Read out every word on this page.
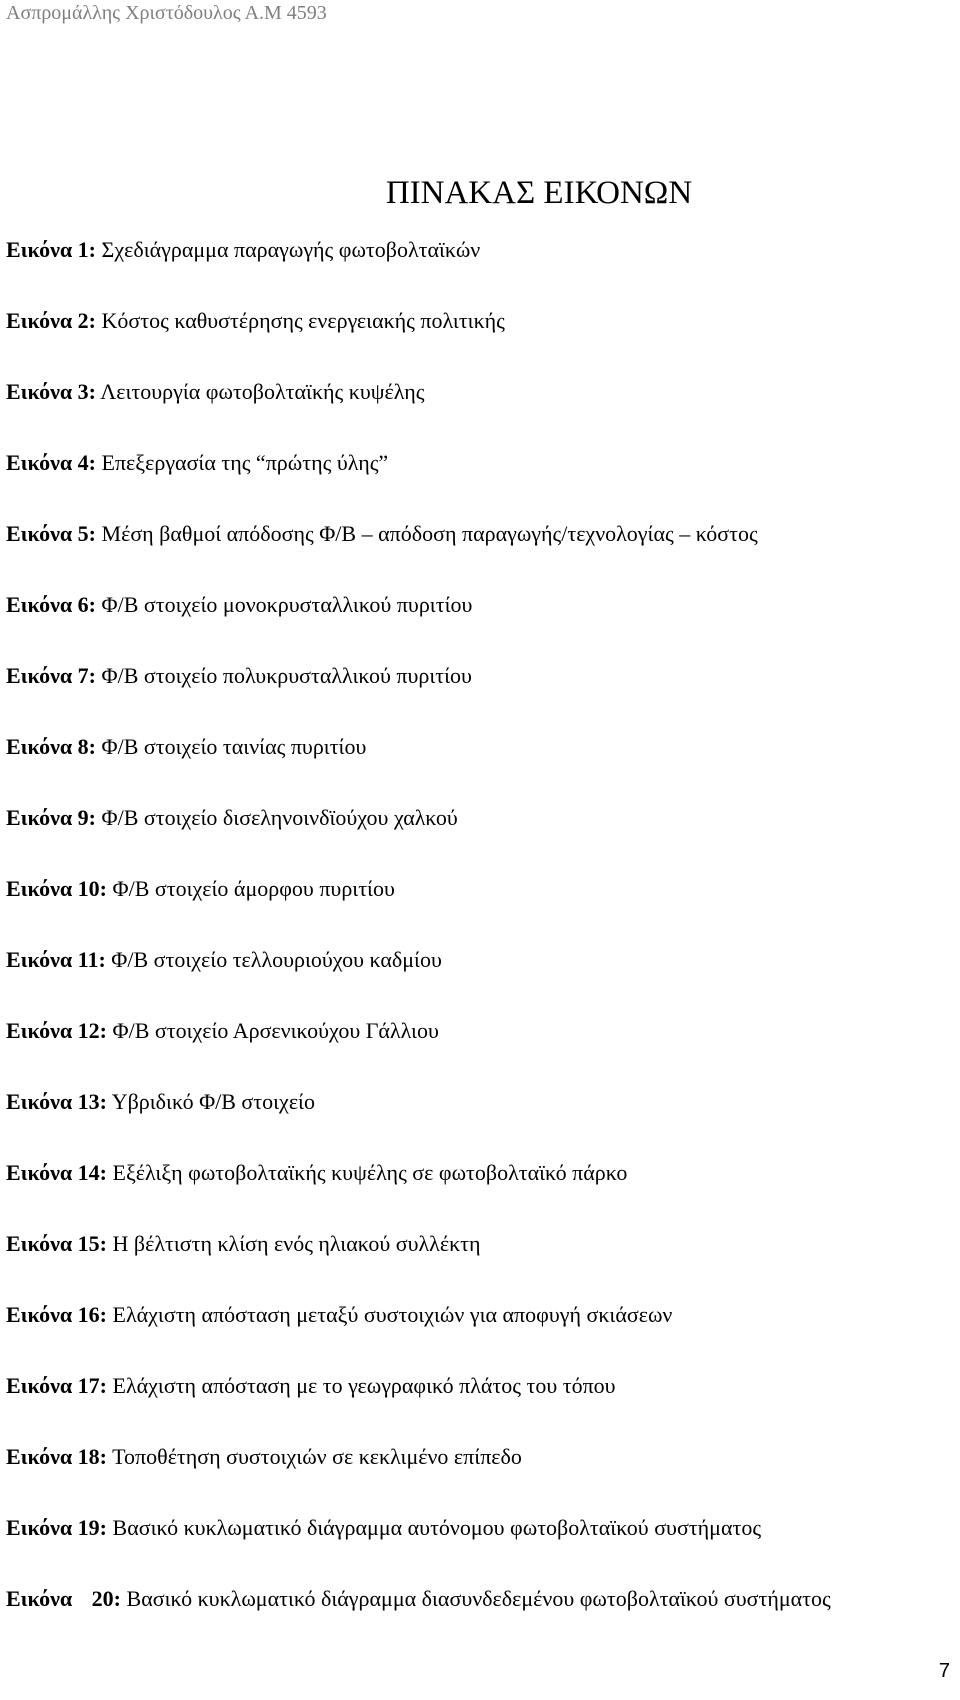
Ασπρομάλλης Χριστόδουλος Α.Μ 4593
ΠΙΝΑΚΑΣ ΕΙΚΟΝΩΝ
Εικόνα 1: Σχεδιάγραμμα παραγωγής φωτοβολταϊκών
Εικόνα 2: Κόστος καθυστέρησης ενεργειακής πολιτικής
Εικόνα 3: Λειτουργία φωτοβολταϊκής κυψέλης
Εικόνα 4: Επεξεργασία της “πρώτης ύλης”
Εικόνα 5: Μέση βαθμοί απόδοσης Φ/Β – απόδοση παραγωγής/τεχνολογίας – κόστος
Εικόνα 6: Φ/Β στοιχείο μονοκρυσταλλικού πυριτίου
Εικόνα 7: Φ/Β στοιχείο πολυκρυσταλλικού πυριτίου
Εικόνα 8: Φ/Β στοιχείο ταινίας πυριτίου
Εικόνα 9: Φ/Β στοιχείο δισεληνοινδϊούχου χαλκού
Εικόνα 10: Φ/Β στοιχείο άμορφου πυριτίου
Εικόνα 11: Φ/Β στοιχείο τελλουριούχου καδμίου
Εικόνα 12: Φ/Β στοιχείο Αρσενικούχου Γάλλιου
Εικόνα 13: Υβριδικό Φ/Β στοιχείο
Εικόνα 14: Εξέλιξη φωτοβολταϊκής κυψέλης σε φωτοβολταϊκό πάρκο
Εικόνα 15: Η βέλτιστη κλίση ενός ηλιακού συλλέκτη
Εικόνα 16: Ελάχιστη απόσταση μεταξύ συστοιχιών για αποφυγή σκιάσεων
Εικόνα 17: Ελάχιστη απόσταση με το γεωγραφικό πλάτος του τόπου
Εικόνα 18: Τοποθέτηση συστοιχιών σε κεκλιμένο επίπεδο
Εικόνα 19: Βασικό κυκλωματικό διάγραμμα αυτόνομου φωτοβολταϊκού συστήματος
Εικόνα 20: Βασικό κυκλωματικό διάγραμμα διασυνδεδεμένου φωτοβολταϊκού συστήματος
7
